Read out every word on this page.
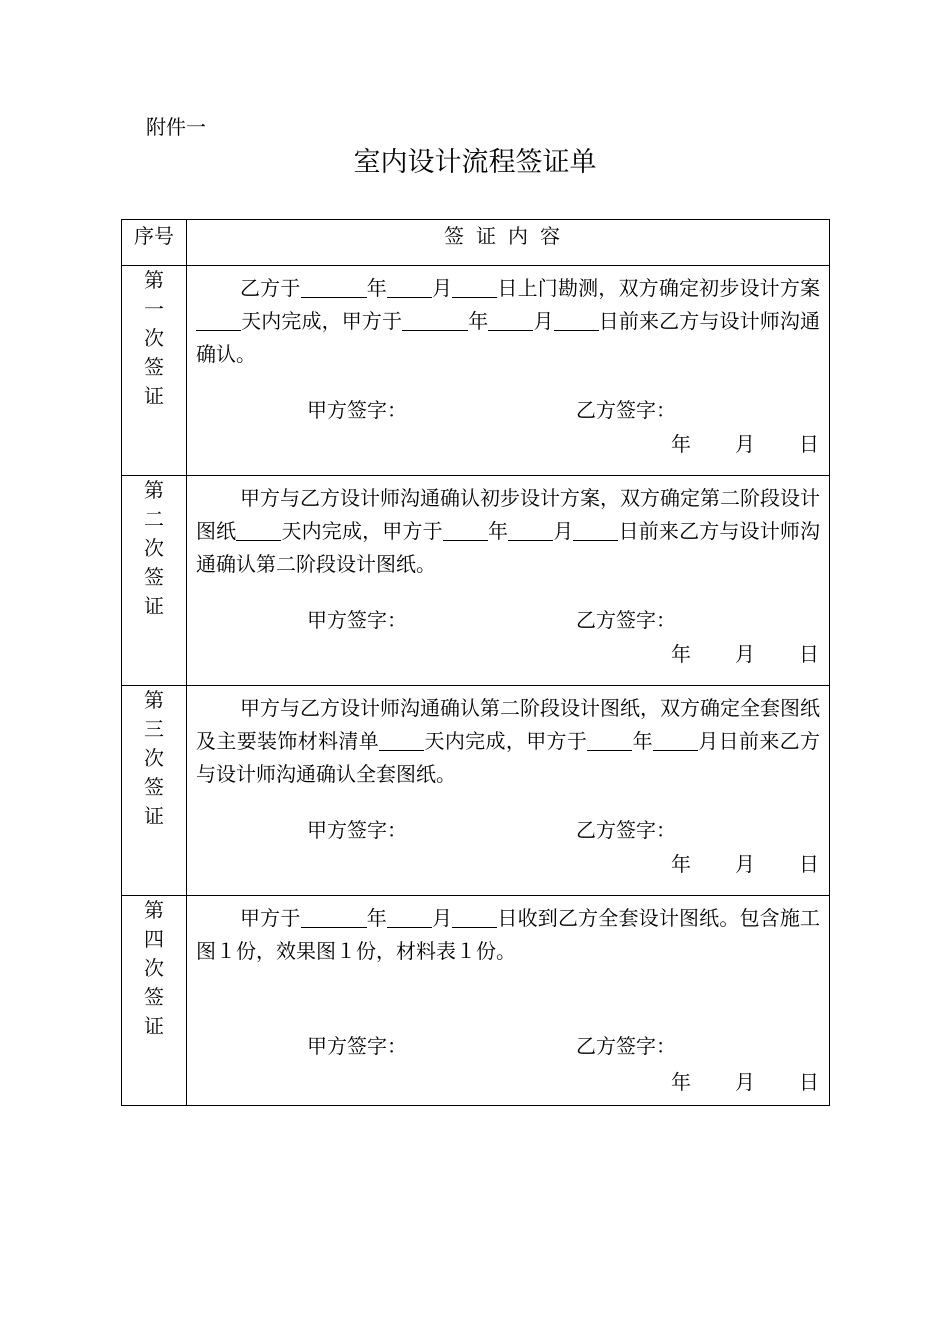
附件一
室内设计流程签证单
序号	签证内容
第一次签证	乙方于 年 月 日上门勘测，双方确定初步设计方案天内完成，甲方于 年 月 日前来乙方与设计师沟通确认。
甲方签字： 乙方签字：
年 月 日

第二次签证	甲方与乙方设计师沟通确认初步设计方案，双方确定第二阶段设计图纸 天内完成，甲方于 年 月 日前来乙方与设计师沟通确认第二阶段设计图纸。
甲方签字： 乙方签字：
年 月 日

第三次签证	甲方与乙方设计师沟通确认第二阶段设计图纸，双方确定全套图纸及主要装饰材料清单 天内完成，甲方于 年 月日前来乙方与设计师沟通确认全套图纸。
甲方签字： 乙方签字：
年 月 日

第四次签证	甲方于 年 月 日收到乙方全套设计图纸。包含施工图１份，效果图１份，材料表１份。
甲方签字： 乙方签字：
年 月 日
